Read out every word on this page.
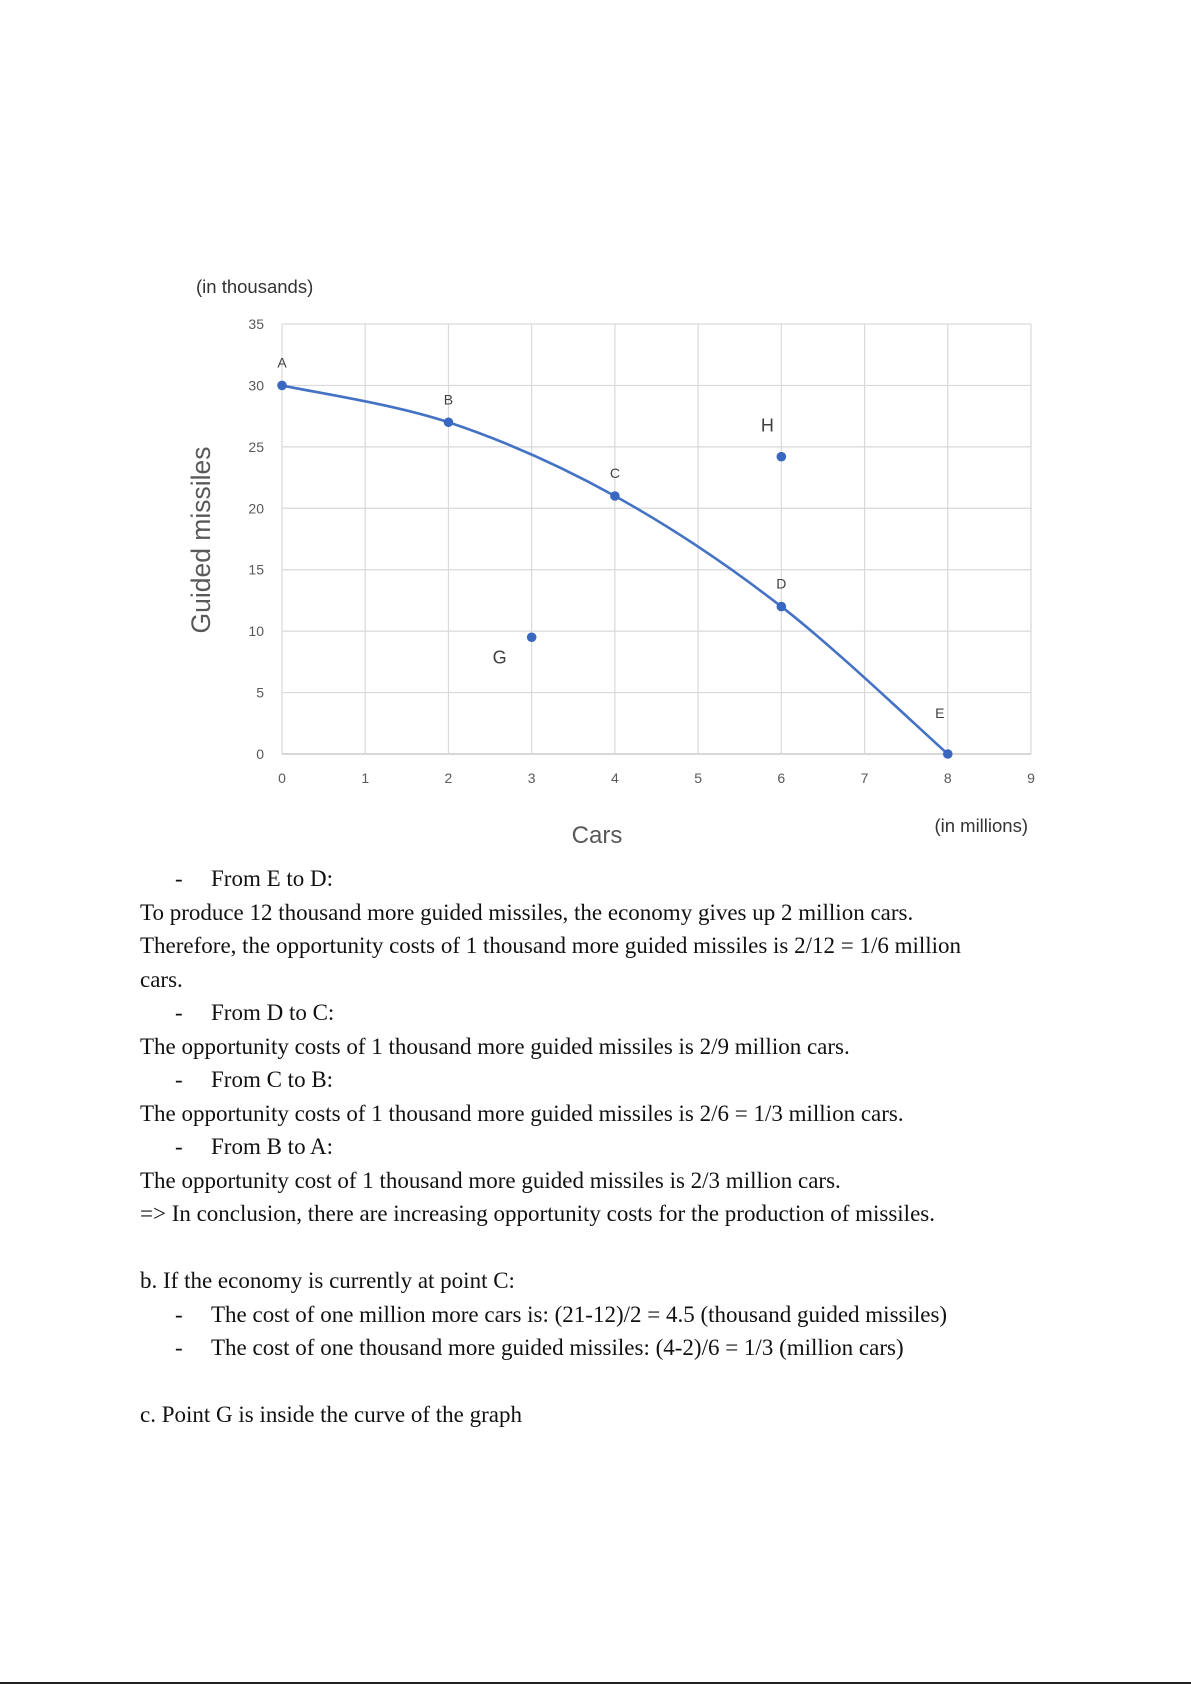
0
5
10
15
20
25
30
35
0	1	2	3	4	5	6	7	8	9
A
B
C
D
E
G
H
(in thousands)
(in millions)
Cars
Guided missiles
-	From E to D:

To produce 12 thousand more guided missiles, the economy gives up 2 million cars.

Therefore, the opportunity costs of 1 thousand more guided missiles is 2/12 = 1/6 million

cars.

-	From D to C:

The opportunity costs of 1 thousand more guided missiles is 2/9 million cars.

-	From C to B:

The opportunity costs of 1 thousand more guided missiles is 2/6 = 1/3 million cars.

-	From B to A:

The opportunity cost of 1 thousand more guided missiles is 2/3 million cars.

=> In conclusion, there are increasing opportunity costs for the production of missiles.

b. If the economy is currently at point C:

-	The cost of one million more cars is: (21-12)/2 = 4.5 (thousand guided missiles)
-	The cost of one thousand more guided missiles: (4-2)/6 = 1/3 (million cars)

c. Point G is inside the curve of the graph
